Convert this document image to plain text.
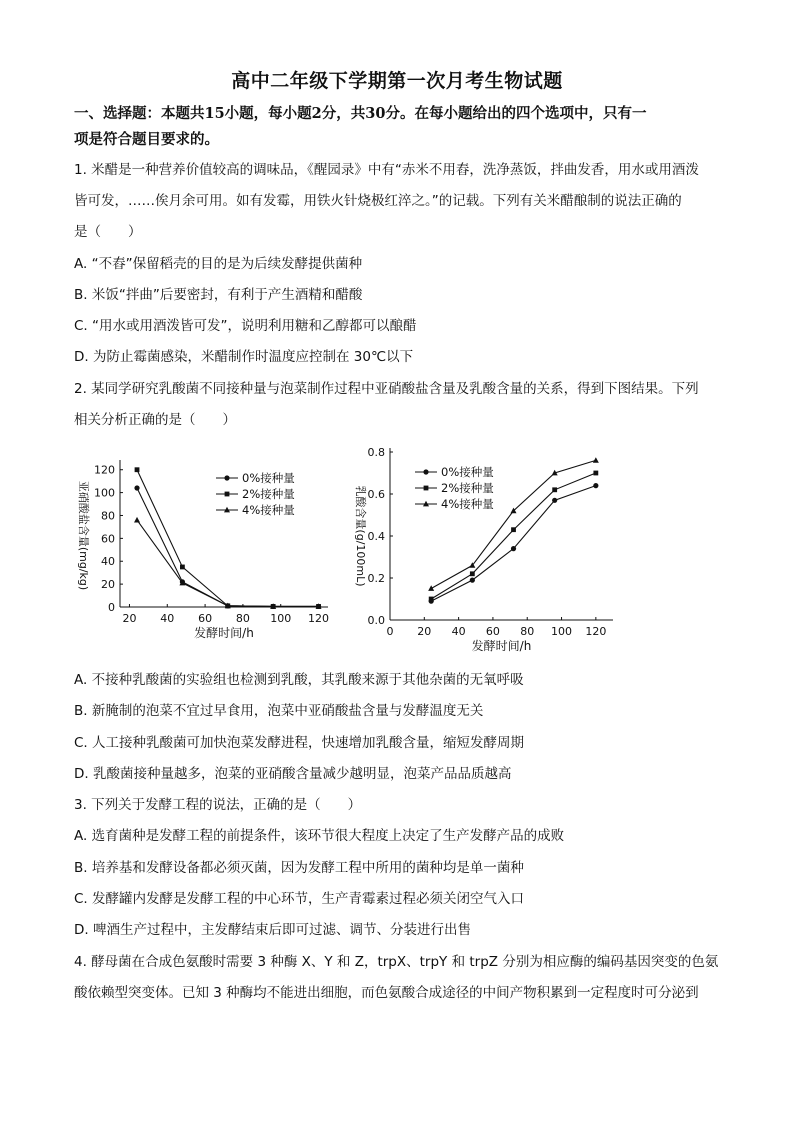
高中二年级下学期第一次月考生物试题
一、选择题：本题共15小题，每小题2分，共30分。在每小题给出的四个选项中，只有一
项是符合题目要求的。
1. 米醋是一种营养价值较高的调味品，《醒园录》中有“赤米不用舂，洗净蒸饭，拌曲发香，用水或用酒泼
皆可发，……俟月余可用。如有发霉，用铁火针烧极红淬之。”的记载。下列有关米醋酿制的说法正确的
是（　　）
A. “不舂”保留稻壳的目的是为后续发酵提供菌种
B. 米饭“拌曲”后要密封，有利于产生酒精和醋酸
C. “用水或用酒泼皆可发”，说明利用糖和乙醇都可以酿醋
D. 为防止霉菌感染，米醋制作时温度应控制在 30℃以下
2. 某同学研究乳酸菌不同接种量与泡菜制作过程中亚硝酸盐含量及乳酸含量的关系，得到下图结果。下列
相关分析正确的是（　　）
0
20
40
60
80
100
120
20 40 60 80 100 120
发酵时间/h
亚硝酸盐含量(mg/kg)
0%接种量
2%接种量
4%接种量
0.0
0.2
0.4
0.6
0.8
0 20 40 60 80 100 120
发酵时间/h
乳酸含量(g/100mL)
0%接种量
2%接种量
4%接种量
A. 不接种乳酸菌的实验组也检测到乳酸，其乳酸来源于其他杂菌的无氧呼吸
B. 新腌制的泡菜不宜过早食用，泡菜中亚硝酸盐含量与发酵温度无关
C. 人工接种乳酸菌可加快泡菜发酵进程，快速增加乳酸含量，缩短发酵周期
D. 乳酸菌接种量越多，泡菜的亚硝酸含量减少越明显，泡菜产品品质越高
3. 下列关于发酵工程的说法，正确的是（　　）
A. 选育菌种是发酵工程的前提条件，该环节很大程度上决定了生产发酵产品的成败
B. 培养基和发酵设备都必须灭菌，因为发酵工程中所用的菌种均是单一菌种
C. 发酵罐内发酵是发酵工程的中心环节，生产青霉素过程必须关闭空气入口
D. 啤酒生产过程中，主发酵结束后即可过滤、调节、分装进行出售
4. 酵母菌在合成色氨酸时需要 3 种酶 X、Y 和 Z，trpX、trpY 和 trpZ 分别为相应酶的编码基因突变的色氨
酸依赖型突变体。已知 3 种酶均不能进出细胞，而色氨酸合成途径的中间产物积累到一定程度时可分泌到
